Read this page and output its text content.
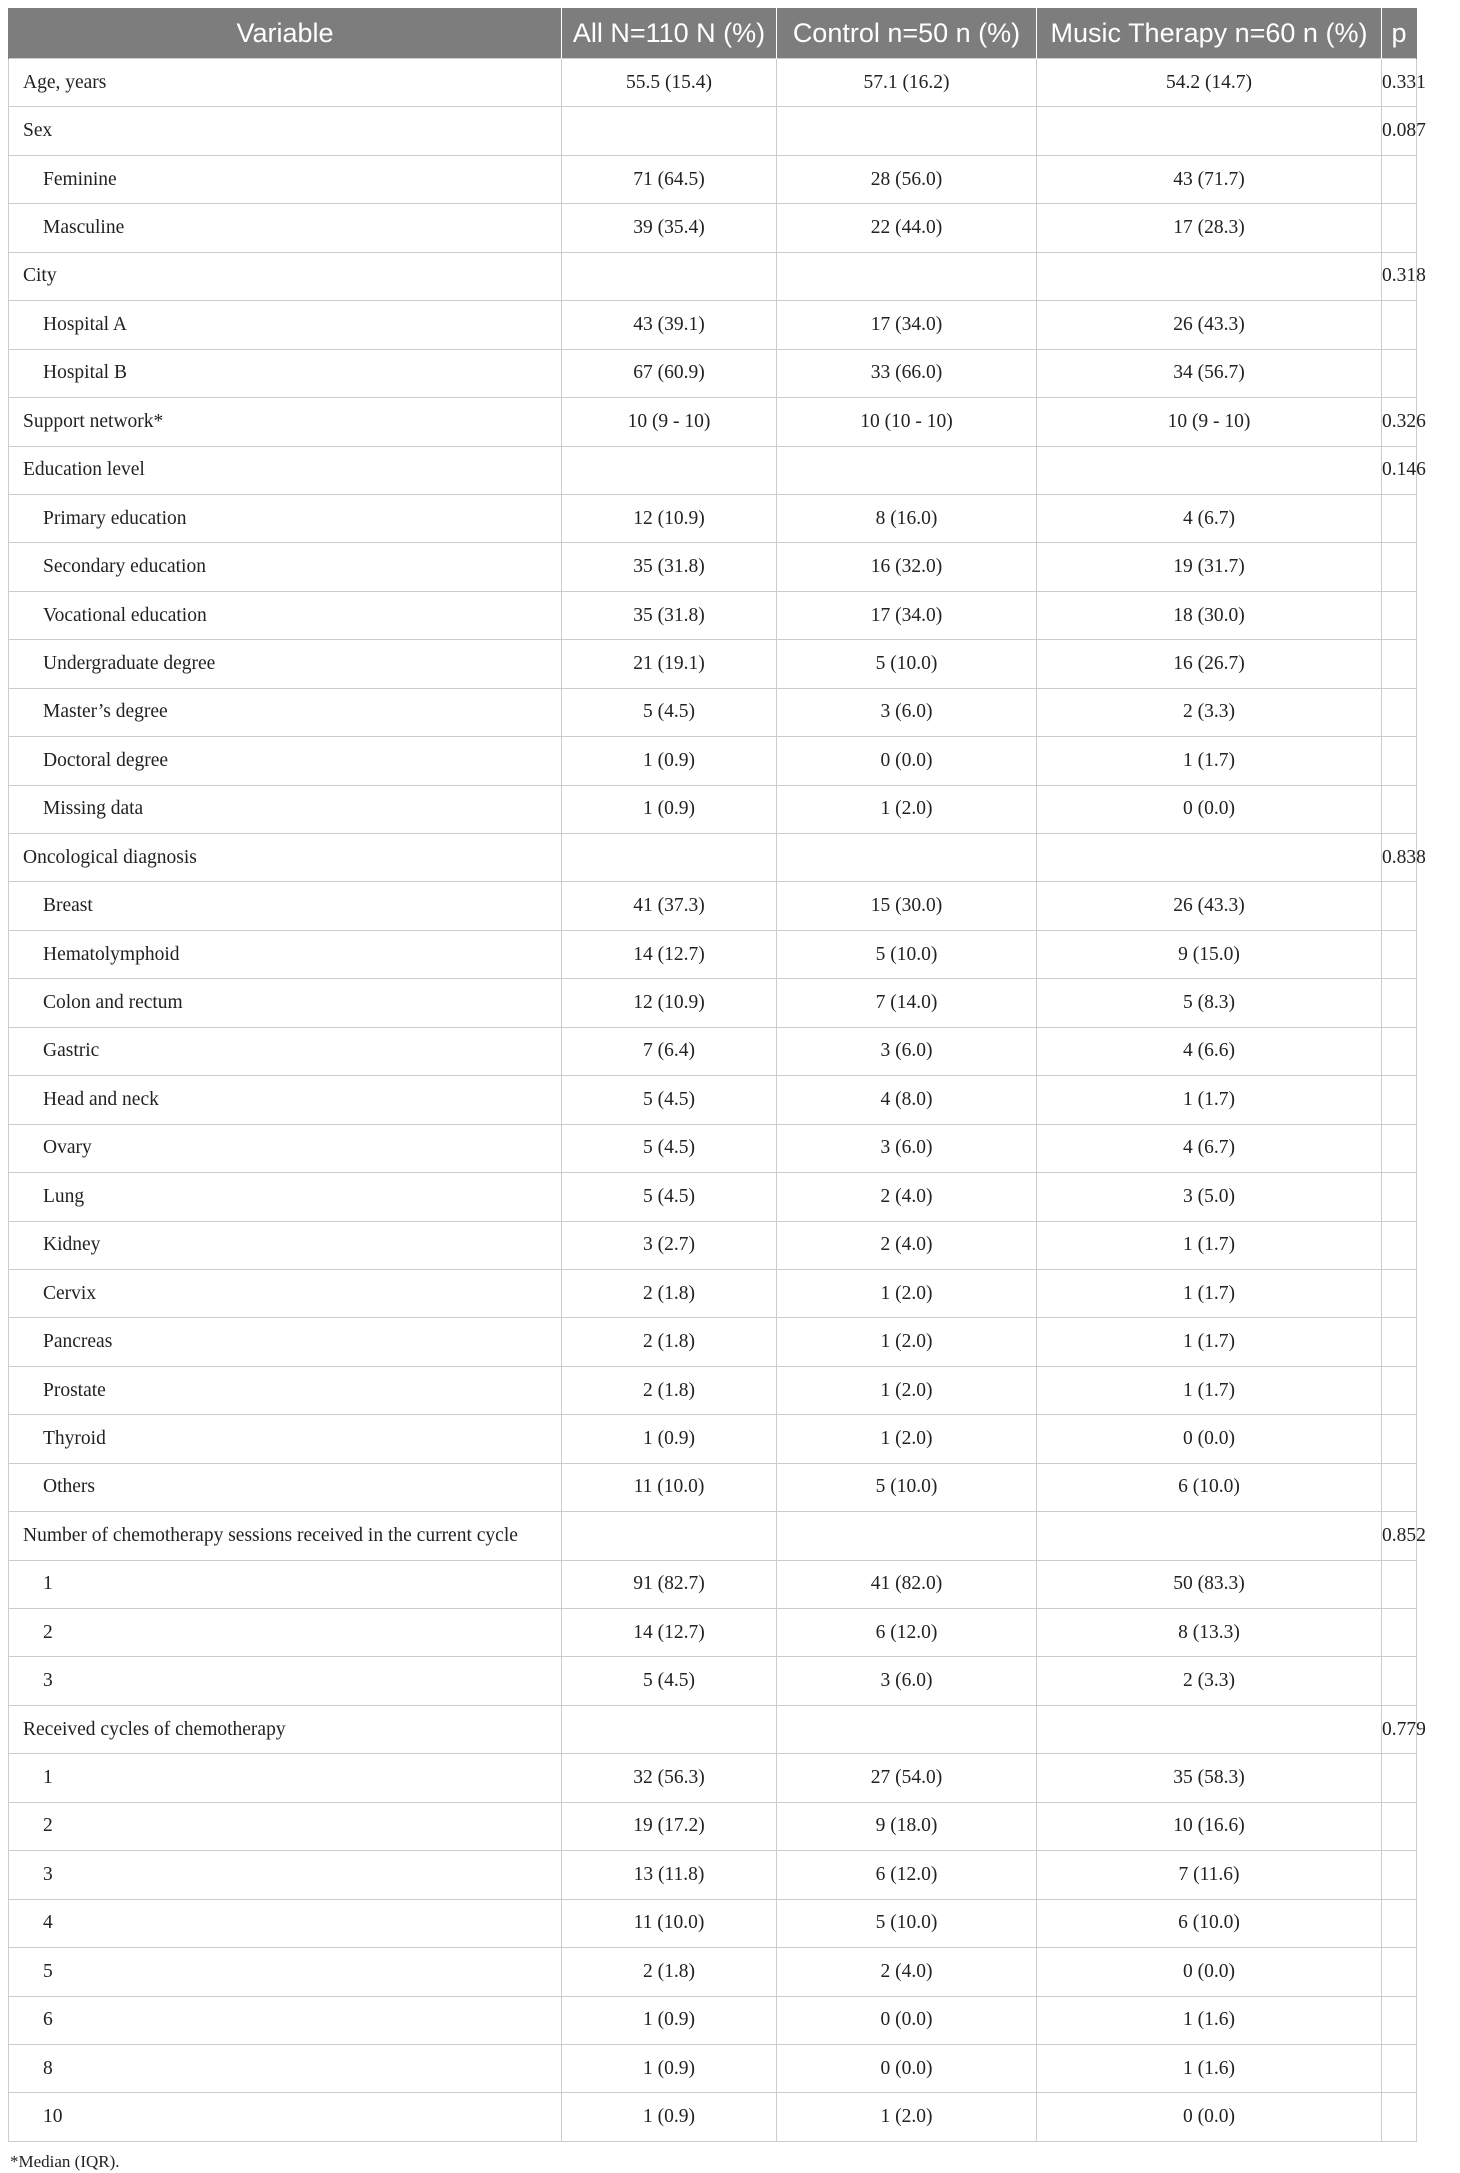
Variable	All N=110 N (%)	Control n=50 n (%)	Music Therapy n=60 n (%)	p
Age, years	55.5 (15.4)	57.1 (16.2)	54.2 (14.7)	0.331
Sex				0.087
Feminine	71 (64.5)	28 (56.0)	43 (71.7)	
Masculine	39 (35.4)	22 (44.0)	17 (28.3)	
City				0.318
Hospital A	43 (39.1)	17 (34.0)	26 (43.3)	
Hospital B	67 (60.9)	33 (66.0)	34 (56.7)	
Support network*	10 (9 - 10)	10 (10 - 10)	10 (9 - 10)	0.326
Education level				0.146
Primary education	12 (10.9)	8 (16.0)	4 (6.7)	
Secondary education	35 (31.8)	16 (32.0)	19 (31.7)	
Vocational education	35 (31.8)	17 (34.0)	18 (30.0)	
Undergraduate degree	21 (19.1)	5 (10.0)	16 (26.7)	
Master’s degree	5 (4.5)	3 (6.0)	2 (3.3)	
Doctoral degree	1 (0.9)	0 (0.0)	1 (1.7)	
Missing data	1 (0.9)	1 (2.0)	0 (0.0)	
Oncological diagnosis				0.838
Breast	41 (37.3)	15 (30.0)	26 (43.3)	
Hematolymphoid	14 (12.7)	5 (10.0)	9 (15.0)	
Colon and rectum	12 (10.9)	7 (14.0)	5 (8.3)	
Gastric	7 (6.4)	3 (6.0)	4 (6.6)	
Head and neck	5 (4.5)	4 (8.0)	1 (1.7)	
Ovary	5 (4.5)	3 (6.0)	4 (6.7)	
Lung	5 (4.5)	2 (4.0)	3 (5.0)	
Kidney	3 (2.7)	2 (4.0)	1 (1.7)	
Cervix	2 (1.8)	1 (2.0)	1 (1.7)	
Pancreas	2 (1.8)	1 (2.0)	1 (1.7)	
Prostate	2 (1.8)	1 (2.0)	1 (1.7)	
Thyroid	1 (0.9)	1 (2.0)	0 (0.0)	
Others	11 (10.0)	5 (10.0)	6 (10.0)	
Number of chemotherapy sessions received in the current cycle				0.852
1	91 (82.7)	41 (82.0)	50 (83.3)	
2	14 (12.7)	6 (12.0)	8 (13.3)	
3	5 (4.5)	3 (6.0)	2 (3.3)	
Received cycles of chemotherapy				0.779
1	32 (56.3)	27 (54.0)	35 (58.3)	
2	19 (17.2)	9 (18.0)	10 (16.6)	
3	13 (11.8)	6 (12.0)	7 (11.6)	
4	11 (10.0)	5 (10.0)	6 (10.0)	
5	2 (1.8)	2 (4.0)	0 (0.0)	
6	1 (0.9)	0 (0.0)	1 (1.6)	
8	1 (0.9)	0 (0.0)	1 (1.6)	
10	1 (0.9)	1 (2.0)	0 (0.0)	
*Median (IQR).
